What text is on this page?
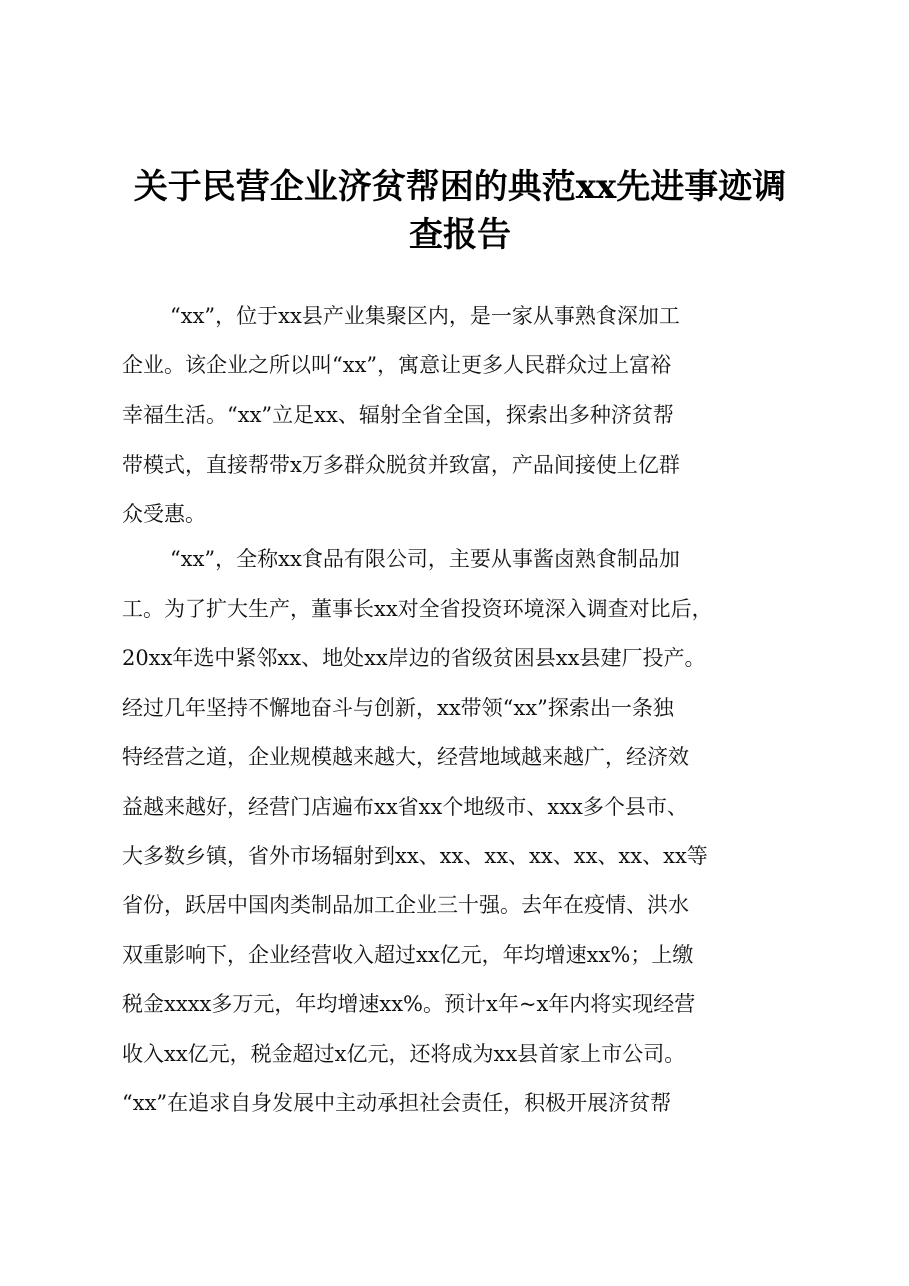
关于民营企业济贫帮困的典范xx先进事迹调
查报告

“xx”，位于xx县产业集聚区内，是一家从事熟食深加工

企业。该企业之所以叫“xx”，寓意让更多人民群众过上富裕

幸福生活。“xx”立足xx、辐射全省全国，探索出多种济贫帮

带模式，直接帮带x万多群众脱贫并致富，产品间接使上亿群

众受惠。

“xx”，全称xx食品有限公司，主要从事酱卤熟食制品加

工。为了扩大生产，董事长xx对全省投资环境深入调查对比后，

20xx年选中紧邻xx、地处xx岸边的省级贫困县xx县建厂投产。

经过几年坚持不懈地奋斗与创新，xx带领“xx”探索出一条独

特经营之道，企业规模越来越大，经营地域越来越广，经济效

益越来越好，经营门店遍布xx省xx个地级市、xxx多个县市、

大多数乡镇，省外市场辐射到xx、xx、xx、xx、xx、xx、xx等

省份，跃居中国肉类制品加工企业三十强。去年在疫情、洪水

双重影响下，企业经营收入超过xx亿元，年均增速xx%；上缴

税金xxxx多万元，年均增速xx%。预计x年~x年内将实现经营

收入xx亿元，税金超过x亿元，还将成为xx县首家上市公司。

“xx”在追求自身发展中主动承担社会责任，积极开展济贫帮
